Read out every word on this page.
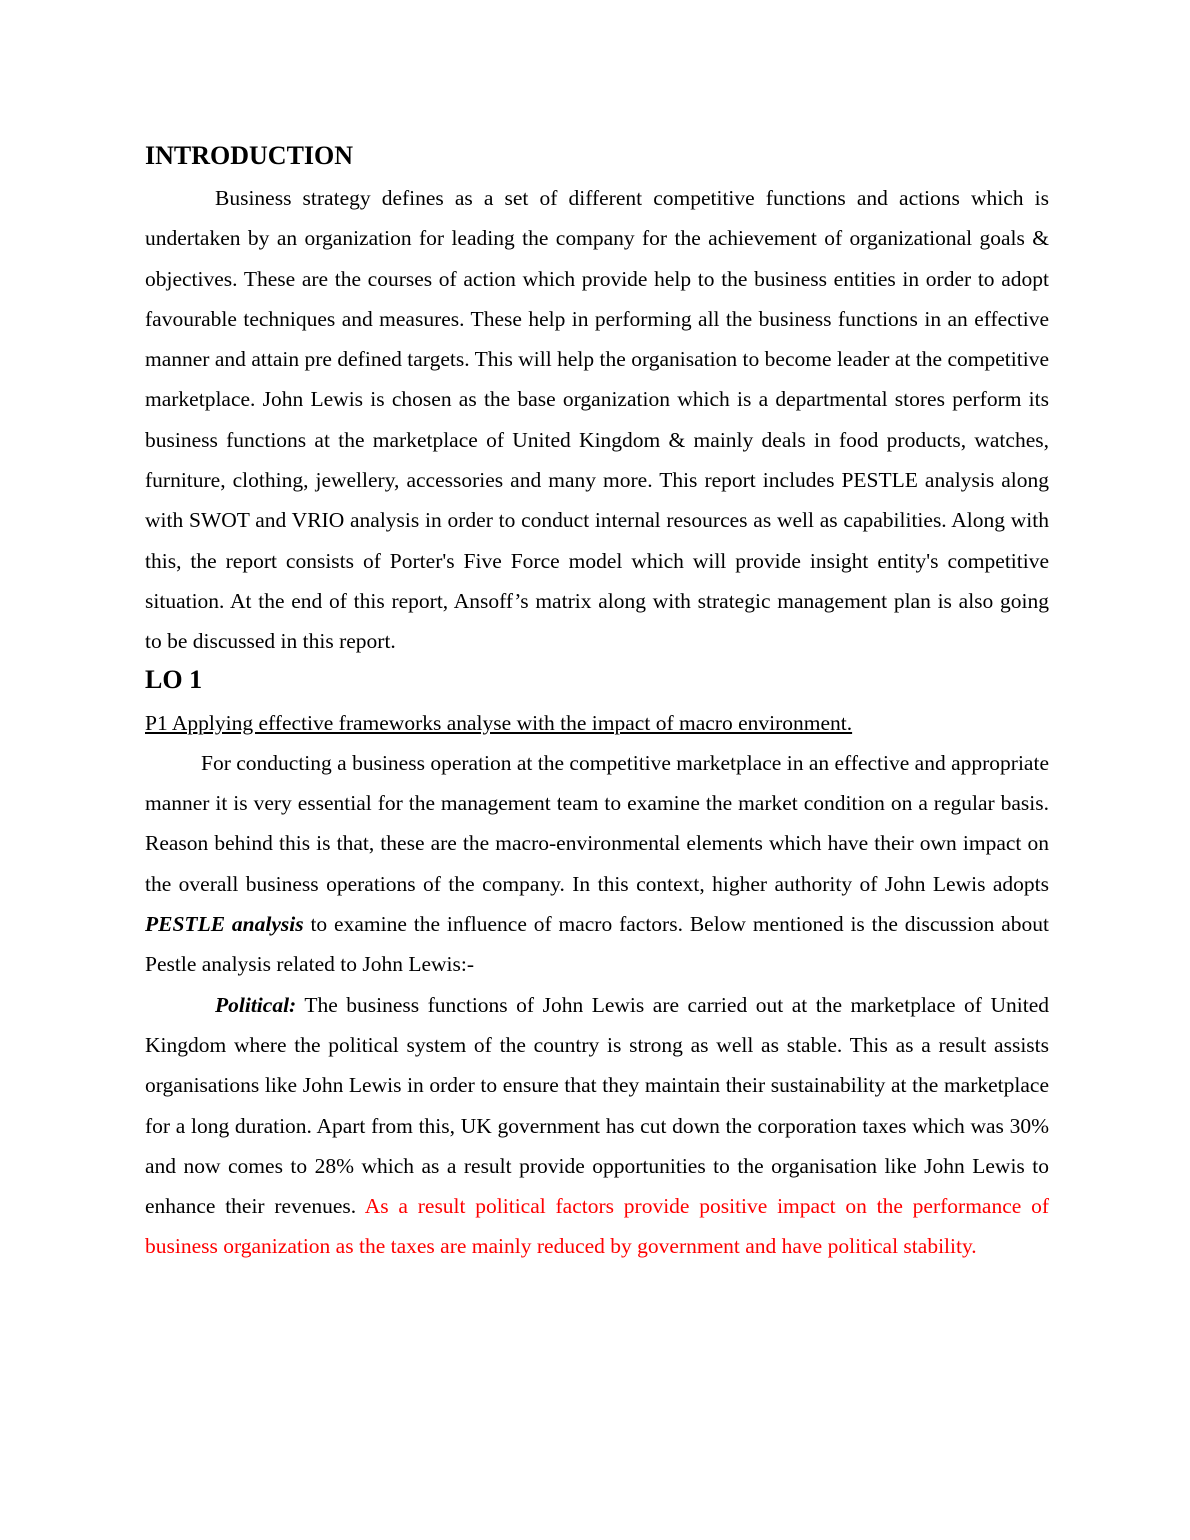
INTRODUCTION

Business strategy defines as a set of different competitive functions and actions which is undertaken by an organization for leading the company for the achievement of organizational goals & objectives. These are the courses of action which provide help to the business entities in order to adopt favourable techniques and measures. These help in performing all the business functions in an effective manner and attain pre defined targets. This will help the organisation to become leader at the competitive marketplace. John Lewis is chosen as the base organization which is a departmental stores perform its business functions at the marketplace of United Kingdom & mainly deals in food products, watches, furniture, clothing, jewellery, accessories and many more. This report includes PESTLE analysis along with SWOT and VRIO analysis in order to conduct internal resources as well as capabilities. Along with this, the report consists of Porter's Five Force model which will provide insight entity's competitive situation. At the end of this report, Ansoff’s matrix along with strategic management plan is also going to be discussed in this report.

LO 1

P1 Applying effective frameworks analyse with the impact of macro environment.

For conducting a business operation at the competitive marketplace in an effective and appropriate manner it is very essential for the management team to examine the market condition on a regular basis. Reason behind this is that, these are the macro-environmental elements which have their own impact on the overall business operations of the company. In this context, higher authority of John Lewis adopts PESTLE analysis to examine the influence of macro factors. Below mentioned is the discussion about Pestle analysis related to John Lewis:-

Political: The business functions of John Lewis are carried out at the marketplace of United Kingdom where the political system of the country is strong as well as stable. This as a result assists organisations like John Lewis in order to ensure that they maintain their sustainability at the marketplace for a long duration. Apart from this, UK government has cut down the corporation taxes which was 30% and now comes to 28% which as a result provide opportunities to the organisation like John Lewis to enhance their revenues. As a result political factors provide positive impact on the performance of business organization as the taxes are mainly reduced by government and have political stability.
